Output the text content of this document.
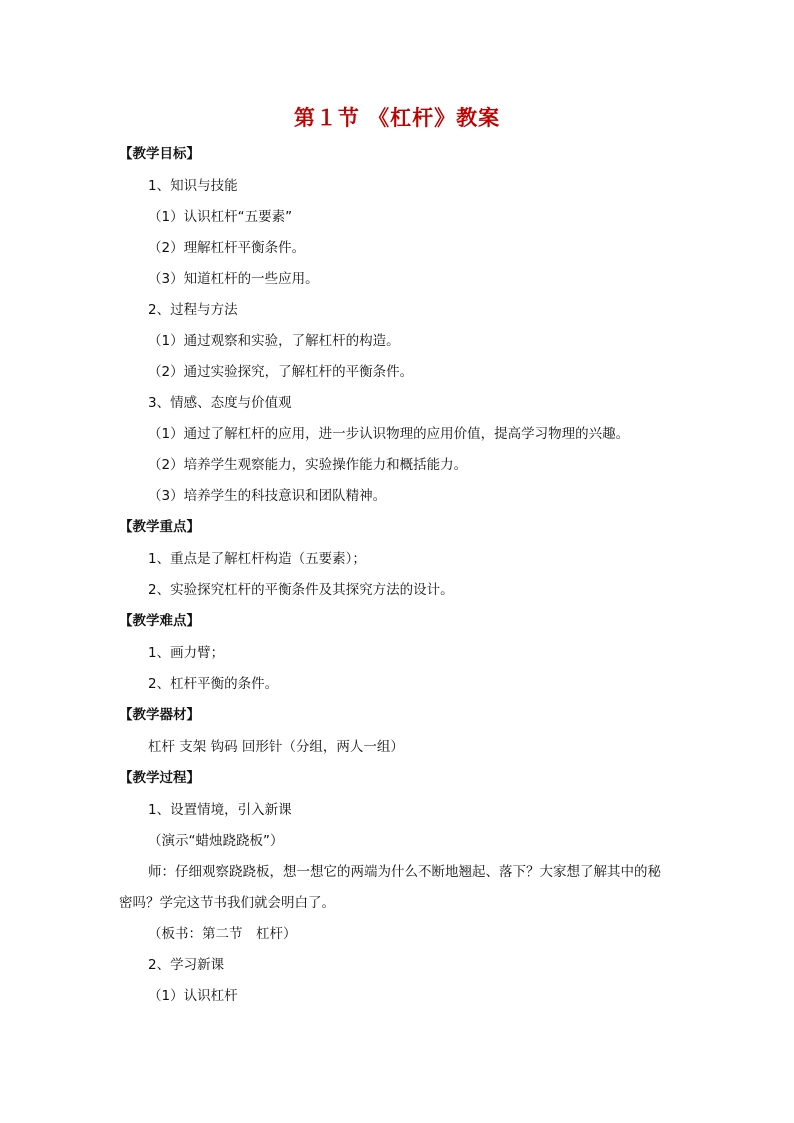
第１节 《杠杆》教案
【教学目标】
1、知识与技能
（1）认识杠杆“五要素”
（2）理解杠杆平衡条件。
（3）知道杠杆的一些应用。
2、过程与方法
（1）通过观察和实验，了解杠杆的构造。
（2）通过实验探究，了解杠杆的平衡条件。
3、情感、态度与价值观
（1）通过了解杠杆的应用，进一步认识物理的应用价值，提高学习物理的兴趣。
（2）培养学生观察能力，实验操作能力和概括能力。
（3）培养学生的科技意识和团队精神。
【教学重点】
1、重点是了解杠杆构造（五要素）；
2、实验探究杠杆的平衡条件及其探究方法的设计。
【教学难点】
1、画力臂；
2、杠杆平衡的条件。
【教学器材】
杠杆 支架 钩码 回形针（分组，两人一组）
【教学过程】
1、设置情境，引入新课
（演示“蜡烛跷跷板”）
师：仔细观察跷跷板，想一想它的两端为什么不断地翘起、落下？大家想了解其中的秘
密吗？学完这节书我们就会明白了。
（板书：第二节　杠杆）
2、学习新课
（1）认识杠杆
